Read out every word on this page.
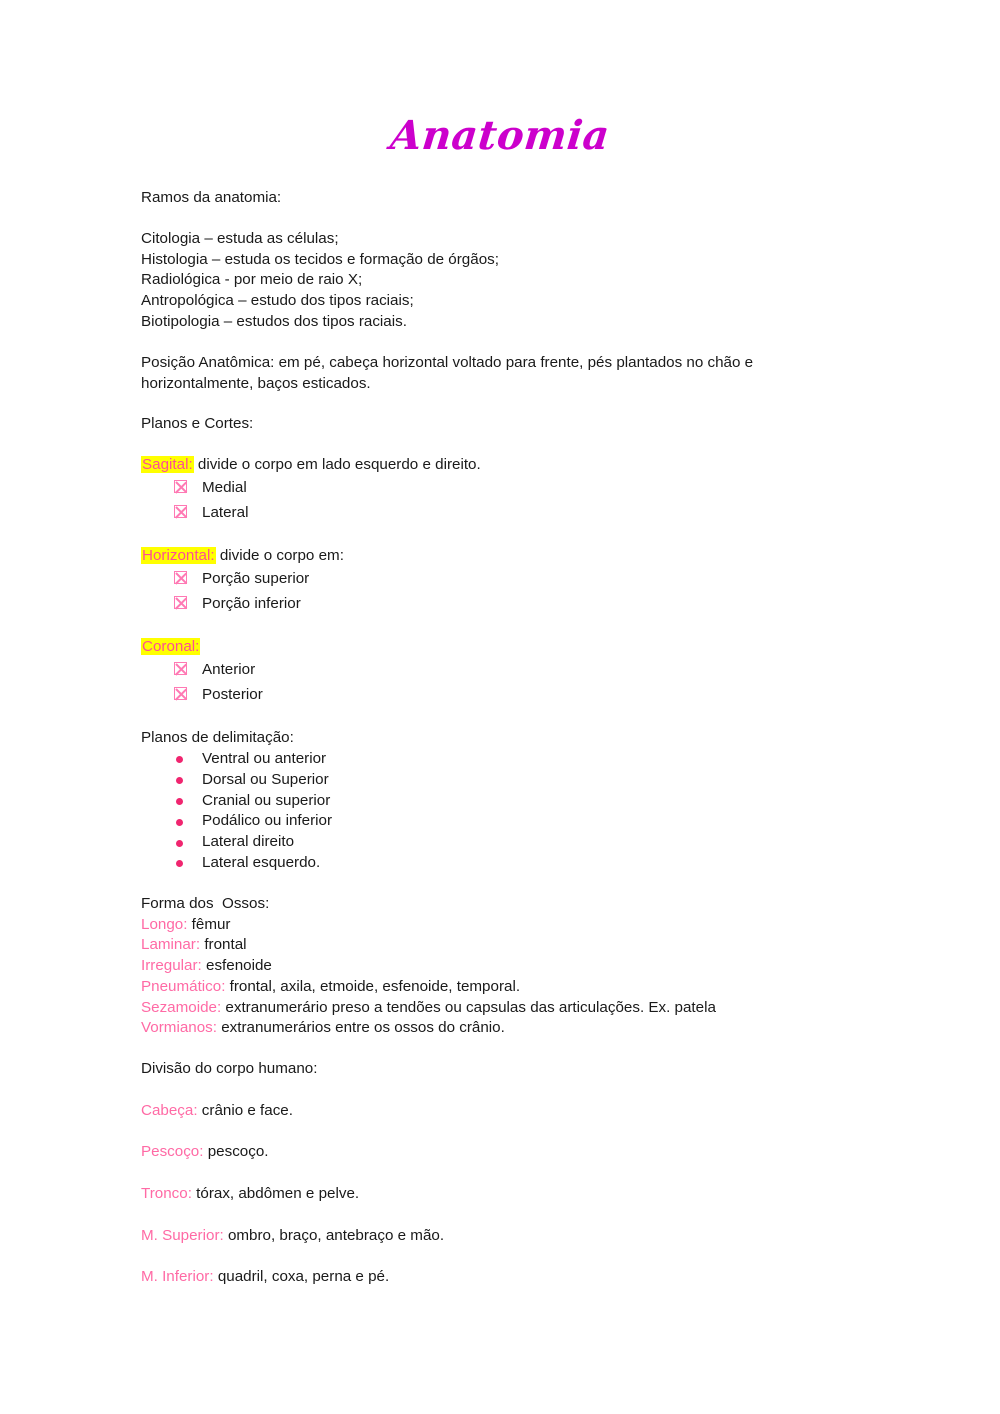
Anatomia
Ramos da anatomia:
Citologia – estuda as células;
Histologia – estuda os tecidos e formação de órgãos;
Radiológica - por meio de raio X;
Antropológica – estudo dos tipos raciais;
Biotipologia – estudos dos tipos raciais.
Posição Anatômica: em pé, cabeça horizontal voltado para frente, pés plantados no chão e horizontalmente, baços esticados.
Planos e Cortes:
Sagital: divide o corpo em lado esquerdo e direito.
Medial
Lateral
Horizontal: divide o corpo em:
Porção superior
Porção inferior
Coronal:
Anterior
Posterior
Planos de delimitação:
Ventral ou anterior
Dorsal ou Superior
Cranial ou superior
Podálico ou inferior
Lateral direito
Lateral esquerdo.
Forma dos  Ossos:
Longo: fêmur
Laminar: frontal
Irregular: esfenoide
Pneumático: frontal, axila, etmoide, esfenoide, temporal.
Sezamoide: extranumerário preso a tendões ou capsulas das articulações. Ex. patela
Vormianos: extranumerários entre os ossos do crânio.
Divisão do corpo humano:
Cabeça: crânio e face.
Pescoço: pescoço.
Tronco: tórax, abdômen e pelve.
M. Superior: ombro, braço, antebraço e mão.
M. Inferior: quadril, coxa, perna e pé.
